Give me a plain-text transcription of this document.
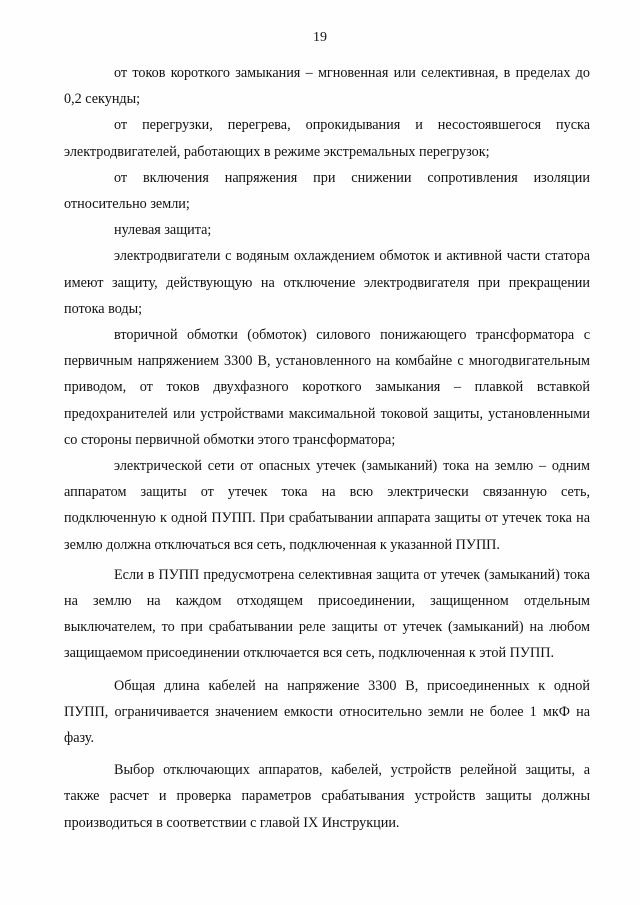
19

от токов короткого замыкания – мгновенная или селективная, в пределах до 0,2 секунды;

от перегрузки, перегрева, опрокидывания и несостоявшегося пуска электродвигателей, работающих в режиме экстремальных перегрузок;

от включения напряжения при снижении сопротивления изоляции относительно земли;

нулевая защита;

электродвигатели с водяным охлаждением обмоток и активной части статора имеют защиту, действующую на отключение электродвигателя при прекращении потока воды;

вторичной обмотки (обмоток) силового понижающего трансформатора с первичным напряжением 3300 В, установленного на комбайне с многодвигательным приводом, от токов двухфазного короткого замыкания – плавкой вставкой предохранителей или устройствами максимальной токовой защиты, установленными со стороны первичной обмотки этого трансформатора;

электрической сети от опасных утечек (замыканий) тока на землю – одним аппаратом защиты от утечек тока на всю электрически связанную сеть, подключенную к одной ПУПП. При срабатывании аппарата защиты от утечек тока на землю должна отключаться вся сеть, подключенная к указанной ПУПП.

Если в ПУПП предусмотрена селективная защита от утечек (замыканий) тока на землю на каждом отходящем присоединении, защищенном отдельным выключателем, то при срабатывании реле защиты от утечек (замыканий) на любом защищаемом присоединении отключается вся сеть, подключенная к этой ПУПП.

Общая длина кабелей на напряжение 3300 В, присоединенных к одной ПУПП, ограничивается значением емкости относительно земли не более 1 мкФ на фазу.

Выбор отключающих аппаратов, кабелей, устройств релейной защиты, а также расчет и проверка параметров срабатывания устройств защиты должны производиться в соответствии с главой IX Инструкции.
